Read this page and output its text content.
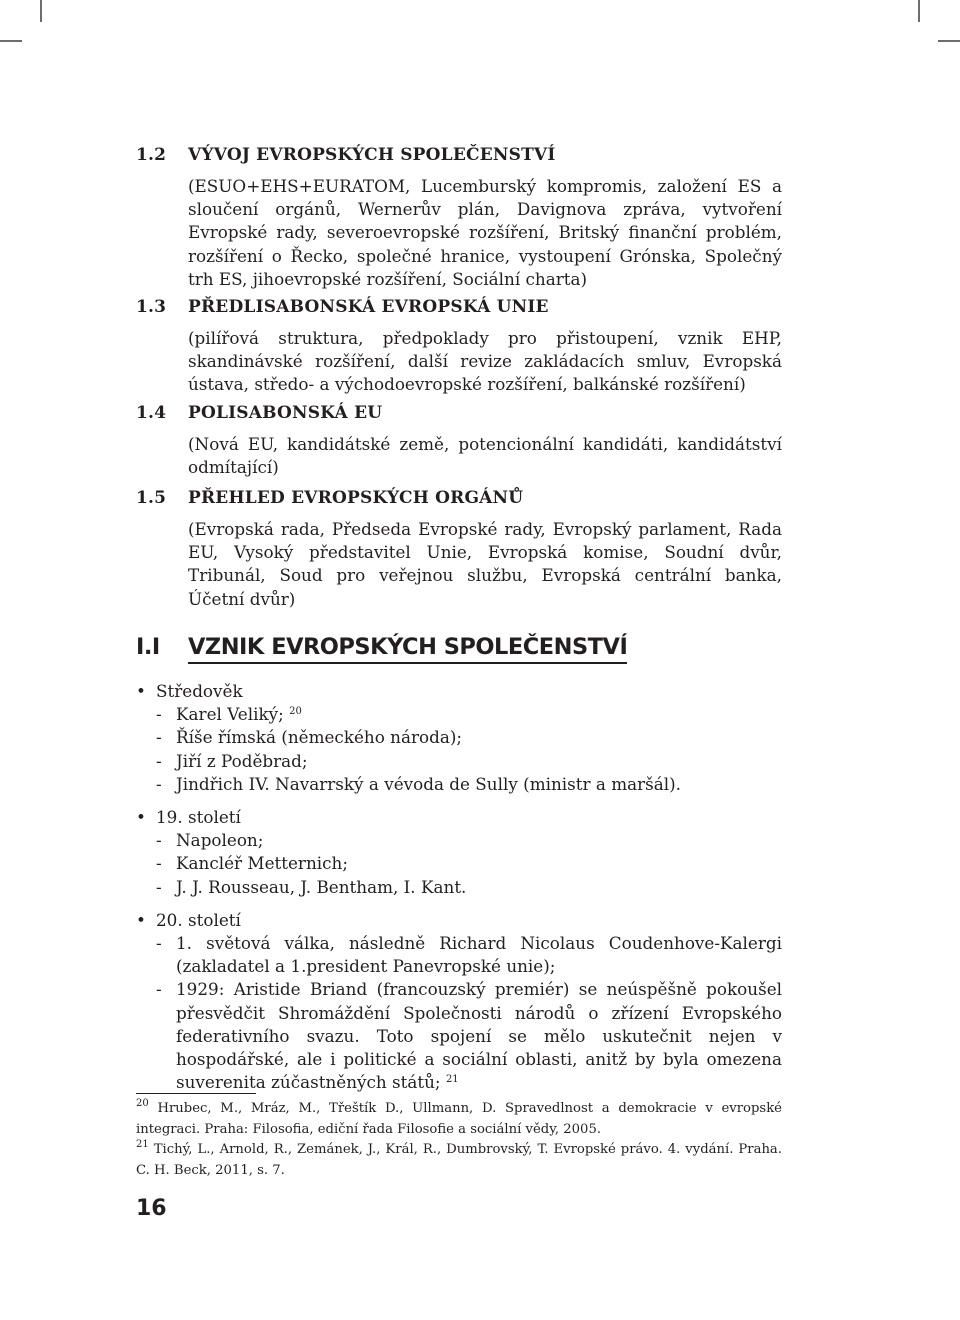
1.2	VÝVOJ EVROPSKÝCH SPOLEČENSTVÍ
(ESUO+EHS+EURATOM, Lucemburský kompromis, založení ES a sloučení orgánů, Wernerův plán, Davignova zpráva, vytvoření Evropské rady, severoevropské rozšíření, Britský finanční problém, rozšíření o Řecko, společné hranice, vystoupení Grónska, Společný trh ES, jihoevropské rozšíření, Sociální charta)
1.3	PŘEDLISABONSKÁ EVROPSKÁ UNIE
(pilířová struktura, předpoklady pro přistoupení, vznik EHP, skandinávské rozšíření, další revize zakládacích smluv, Evropská ústava, středo- a východoevropské rozšíření, balkánské rozšíření)
1.4	POLISABONSKÁ EU
(Nová EU, kandidátské země, potencionální kandidáti, kandidátství odmítající)
1.5	PŘEHLED EVROPSKÝCH ORGÁNŮ
(Evropská rada, Předseda Evropské rady, Evropský parlament, Rada EU, Vysoký představitel Unie, Evropská komise, Soudní dvůr, Tribunál, Soud pro veřejnou službu, Evropská centrální banka, Účetní dvůr)
I.I VZNIK EVROPSKÝCH SPOLEČENSTVÍ
• Středověk
- Karel Veliký; $^{20}$
- Říše římská (německého národa);
- Jiří z Poděbrad;
- Jindřich IV. Navarrský a vévoda de Sully (ministr a maršál).
• 19. století
- Napoleon;
- Kancléř Metternich;
- J. J. Rousseau, J. Bentham, I. Kant.
• 20. století
- 1. světová válka, následně Richard Nicolaus Coudenhove-Kalergi (zakladatel a 1.president Panevropské unie);
- 1929: Aristide Briand (francouzský premiér) se neúspěšně pokoušel přesvědčit Shromáždění Společnosti národů o zřízení Evropského federativního svazu. Toto spojení se mělo uskutečnit nejen v hospodářské, ale i politické a sociální oblasti, anitž by byla omezena suverenita zúčastněných států; $^{21}$
$^{20}$ Hrubec, M., Mráz, M., Třeštík D., Ullmann, D. Spravedlnost a demokracie v evropské integraci. Praha: Filosofia, ediční řada Filosofie a sociální vědy, 2005.
$^{21}$ Tichý, L., Arnold, R., Zemánek, J., Král, R., Dumbrovský, T. Evropské právo. 4. vydání. Praha. C. H. Beck, 2011, s. 7.
16
